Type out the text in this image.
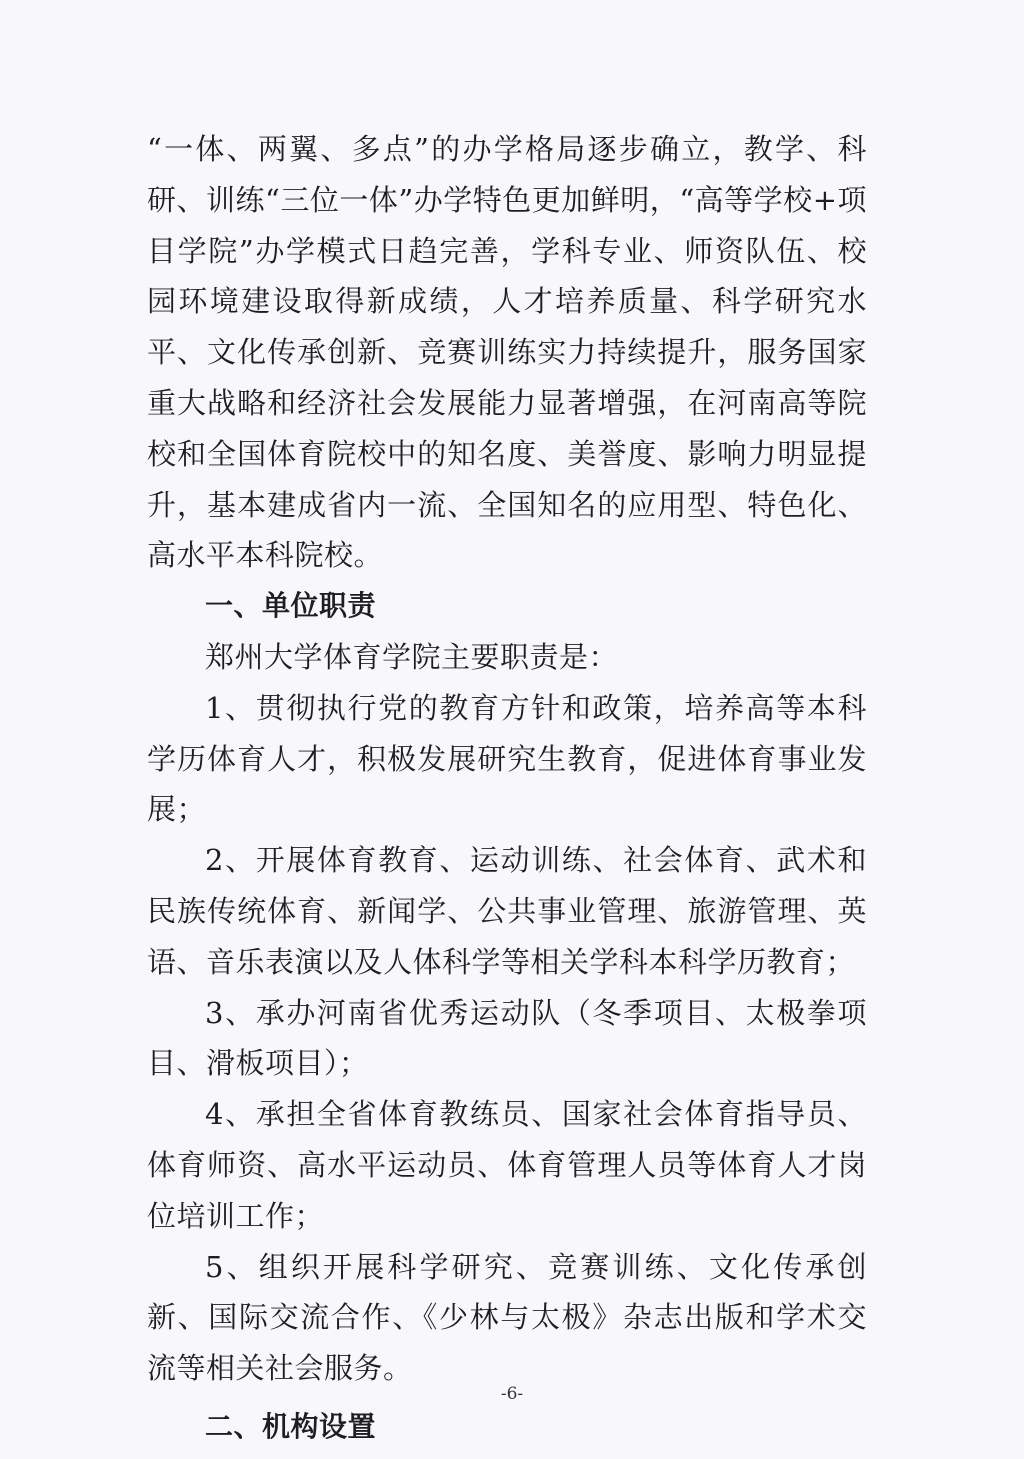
“一体、两翼、多点”的办学格局逐步确立，教学、科研、训练“三位一体”办学特色更加鲜明，“高等学校+项目学院”办学模式日趋完善，学科专业、师资队伍、校园环境建设取得新成绩，人才培养质量、科学研究水平、文化传承创新、竞赛训练实力持续提升，服务国家重大战略和经济社会发展能力显著增强，在河南高等院校和全国体育院校中的知名度、美誉度、影响力明显提升，基本建成省内一流、全国知名的应用型、特色化、高水平本科院校。

一、单位职责

郑州大学体育学院主要职责是：

1、贯彻执行党的教育方针和政策，培养高等本科学历体育人才，积极发展研究生教育，促进体育事业发展；

2、开展体育教育、运动训练、社会体育、武术和民族传统体育、新闻学、公共事业管理、旅游管理、英语、音乐表演以及人体科学等相关学科本科学历教育；

3、承办河南省优秀运动队（冬季项目、太极拳项目、滑板项目）；

4、承担全省体育教练员、国家社会体育指导员、体育师资、高水平运动员、体育管理人员等体育人才岗位培训工作；

5、组织开展科学研究、竞赛训练、文化传承创新、国际交流合作、《少林与太极》杂志出版和学术交流等相关社会服务。

二、机构设置
-6-
